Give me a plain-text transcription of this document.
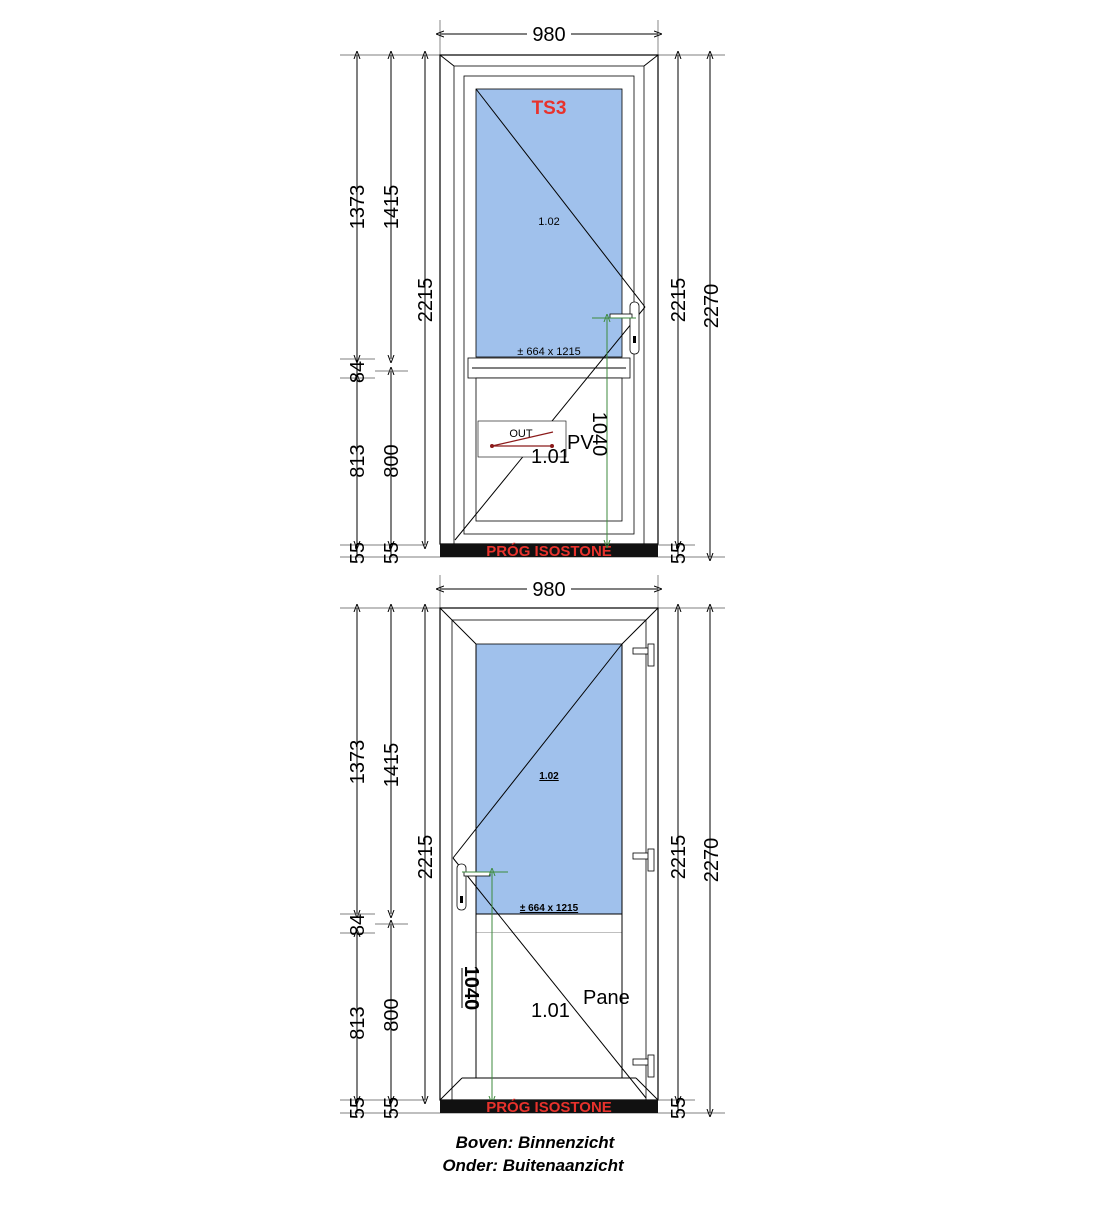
980
PRÓG ISOSTONE
TS3
1.02
± 664 x 1215
1040
OUT PV
1.01
1373
84
813
55
1415
800
55
2215	2215
55
2270
980
1040
1.02
± 664 x 1215
Pane
1.01
PRÓG ISOSTONE
1373
84
813
55
1415
800
55
2215	2215
55
2270
Boven: Binnenzicht
Onder: Buitenaanzicht
